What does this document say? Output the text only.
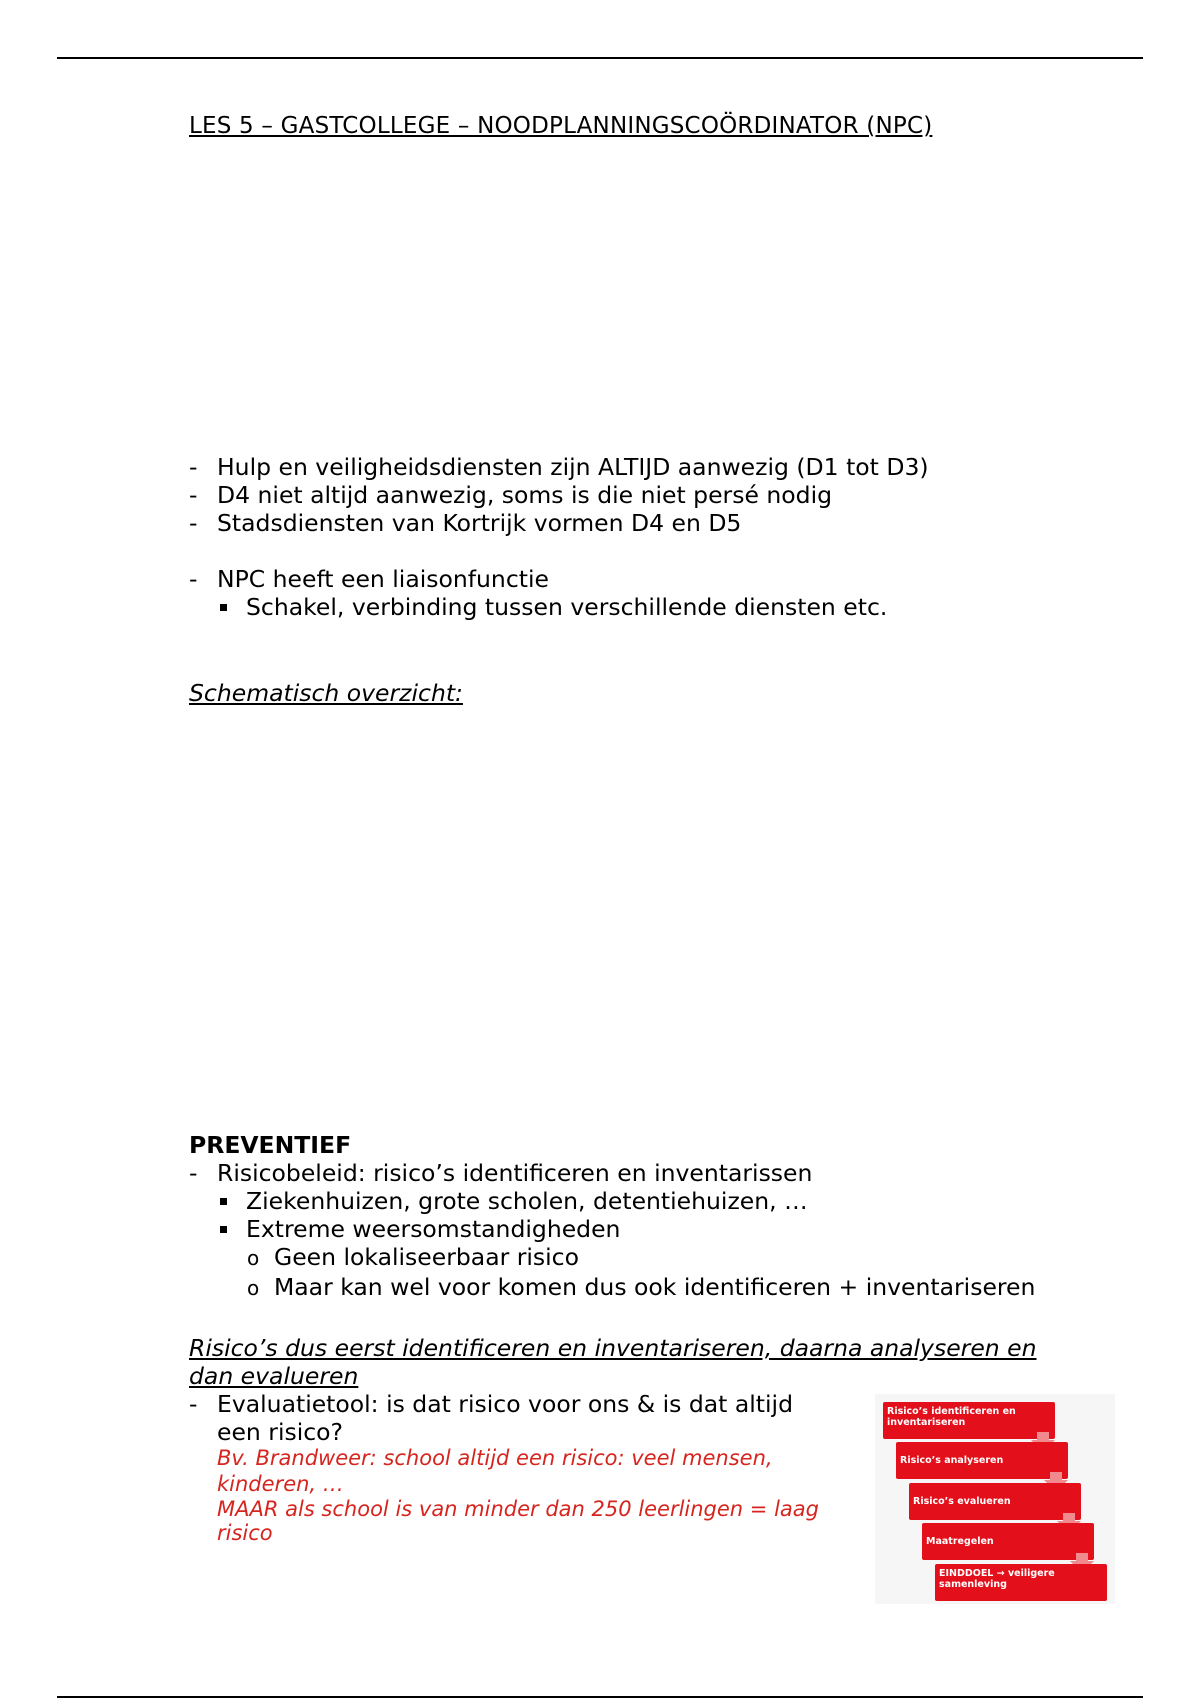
LES 5 – GASTCOLLEGE – NOODPLANNINGSCOÖRDINATOR (NPC)
- Hulp en veiligheidsdiensten zijn ALTIJD aanwezig (D1 tot D3)
- D4 niet altijd aanwezig, soms is die niet persé nodig
- Stadsdiensten van Kortrijk vormen D4 en D5
- NPC heeft een liaisonfunctie
Schakel, verbinding tussen verschillende diensten etc.
Schematisch overzicht:
PREVENTIEF
- Risicobeleid: risico’s identificeren en inventarissen
Ziekenhuizen, grote scholen, detentiehuizen, …
Extreme weersomstandigheden
o Geen lokaliseerbaar risico
o Maar kan wel voor komen dus ook identificeren + inventariseren
Risico’s dus eerst identificeren en inventariseren, daarna analyseren en
dan evalueren
- Evaluatietool: is dat risico voor ons & is dat altijd
een risico?
Bv. Brandweer: school altijd een risico: veel mensen,
kinderen, …
MAAR als school is van minder dan 250 leerlingen = laag
risico
Risico’s identificeren en inventariseren
Risico’s analyseren
Risico’s evalueren
Maatregelen
EINDDOEL → veiligere samenleving
